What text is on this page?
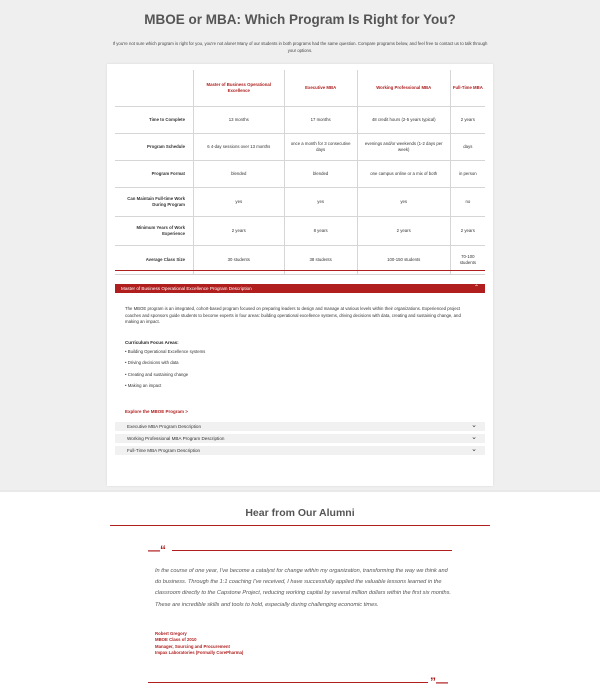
MBOE or MBA: Which Program Is Right for You?

If you're not sure which program is right for you, you're not alone! Many of our students in both programs had the same question. Compare programs below, and feel free to contact us to talk through your options.

	Master of Business Operational Excellence	Executive MBA	Working Professional MBA	Full-Time MBA
Time to Complete	13 months	17 months	48 credit hours (2-5 years typical)	2 years
Program Schedule	6 4-day sessions over 13 months	once a month for 3 consecutive days	evenings and/or weekends (1-2 days per week)	days
Program Format	blended	blended	one campus online or a mix of both	in person
Can Maintain Full-time Work During Program	yes	yes	yes	no
Minimum Years of Work Experience	2 years	8 years	2 years	2 years
Average Class Size	30 students	38 students	100-150 students	70-100 students
Master of Business Operational Excellence Program Description	⌃

The MBOE program is an integrated, cohort-based program focused on preparing leaders to design and manage at various levels within their organizations. Experienced project coaches and sponsors guide students to become experts in four areas: building operational excellence systems, driving decisions with data, creating and sustaining change, and making an impact.

Curriculum Focus Areas:
• Building Operational Excellence systems
• Driving decisions with data
• Creating and sustaining change
• Making an impact
Explore the MBOE Program >
Executive MBA Program Description	⌄
Working Professional MBA Program Description	⌄
Full-Time MBA Program Description	⌄
Hear from Our Alumni
—“

In the course of one year, I've become a catalyst for change within my organization, transforming the way we think and do business. Through the 1:1 coaching I've received, I have successfully applied the valuable lessons learned in the classroom directly to the Capstone Project, reducing working capital by several million dollars within the first six months. These are incredible skills and tools to hold, especially during challenging economic times.

Robert Gregory
MBOE Class of 2010
Manager, Sourcing and Procurement
Impax Laboratories (Formally CorePharma)
”—
